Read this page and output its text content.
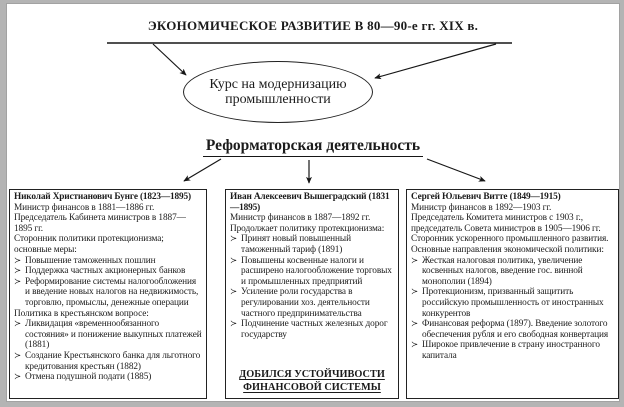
ЭКОНОМИЧЕСКОЕ РАЗВИТИЕ В 80—90-е гг. XIX в.
Курс на модернизацию промышленности
Реформаторская деятельность
Николай Христианович Бунге (1823—1895)
Министр финансов в 1881—1886 гг.
Председатель Кабинета министров в 1887—1895 гг.
Сторонник политики протекционизма; основные меры:
≻ Повышение таможенных пошлин
≻ Поддержка частных акционерных банков
≻ Реформирование системы налогообложения и введение новых налогов на недвижимость, торговлю, промыслы, денежные операции
Политика в крестьянском вопросе:
≻ Ликвидация «временнообязанного состояния» и понижение выкупных платежей (1881)
≻ Создание Крестьянского банка для льготного кредитования крестьян (1882)
≻ Отмена подушной подати (1885)
Иван Алексеевич Вышеградский (1831—1895)
Министр финансов в 1887—1892 гг.
Продолжает политику протекционизма:
≻ Принят новый повышенный таможенный тариф (1891)
≻ Повышены косвенные налоги и расширено налогообложение торговых и промышленных предприятий
≻ Усиление роли государства в регулировании хоз. деятельности частного предпринимательства
≻ Подчинение частных железных дорог государству
ДОБИЛСЯ УСТОЙЧИВОСТИ ФИНАНСОВОЙ СИСТЕМЫ
Сергей Юльевич Витте (1849—1915)
Министр финансов в 1892—1903 гг.
Председатель Комитета министров с 1903 г., председатель Совета министров в 1905—1906 гг.
Сторонник ускоренного промышленного развития.
Основные направления экономической политики:
≻ Жесткая налоговая политика, увеличение косвенных налогов, введение гос. винной монополии (1894)
≻ Протекционизм, призванный защитить российскую промышленность от иностранных конкурентов
≻ Финансовая реформа (1897). Введение золотого обеспечения рубля и его свободная конвертация
≻ Широкое привлечение в страну иностранного капитала
